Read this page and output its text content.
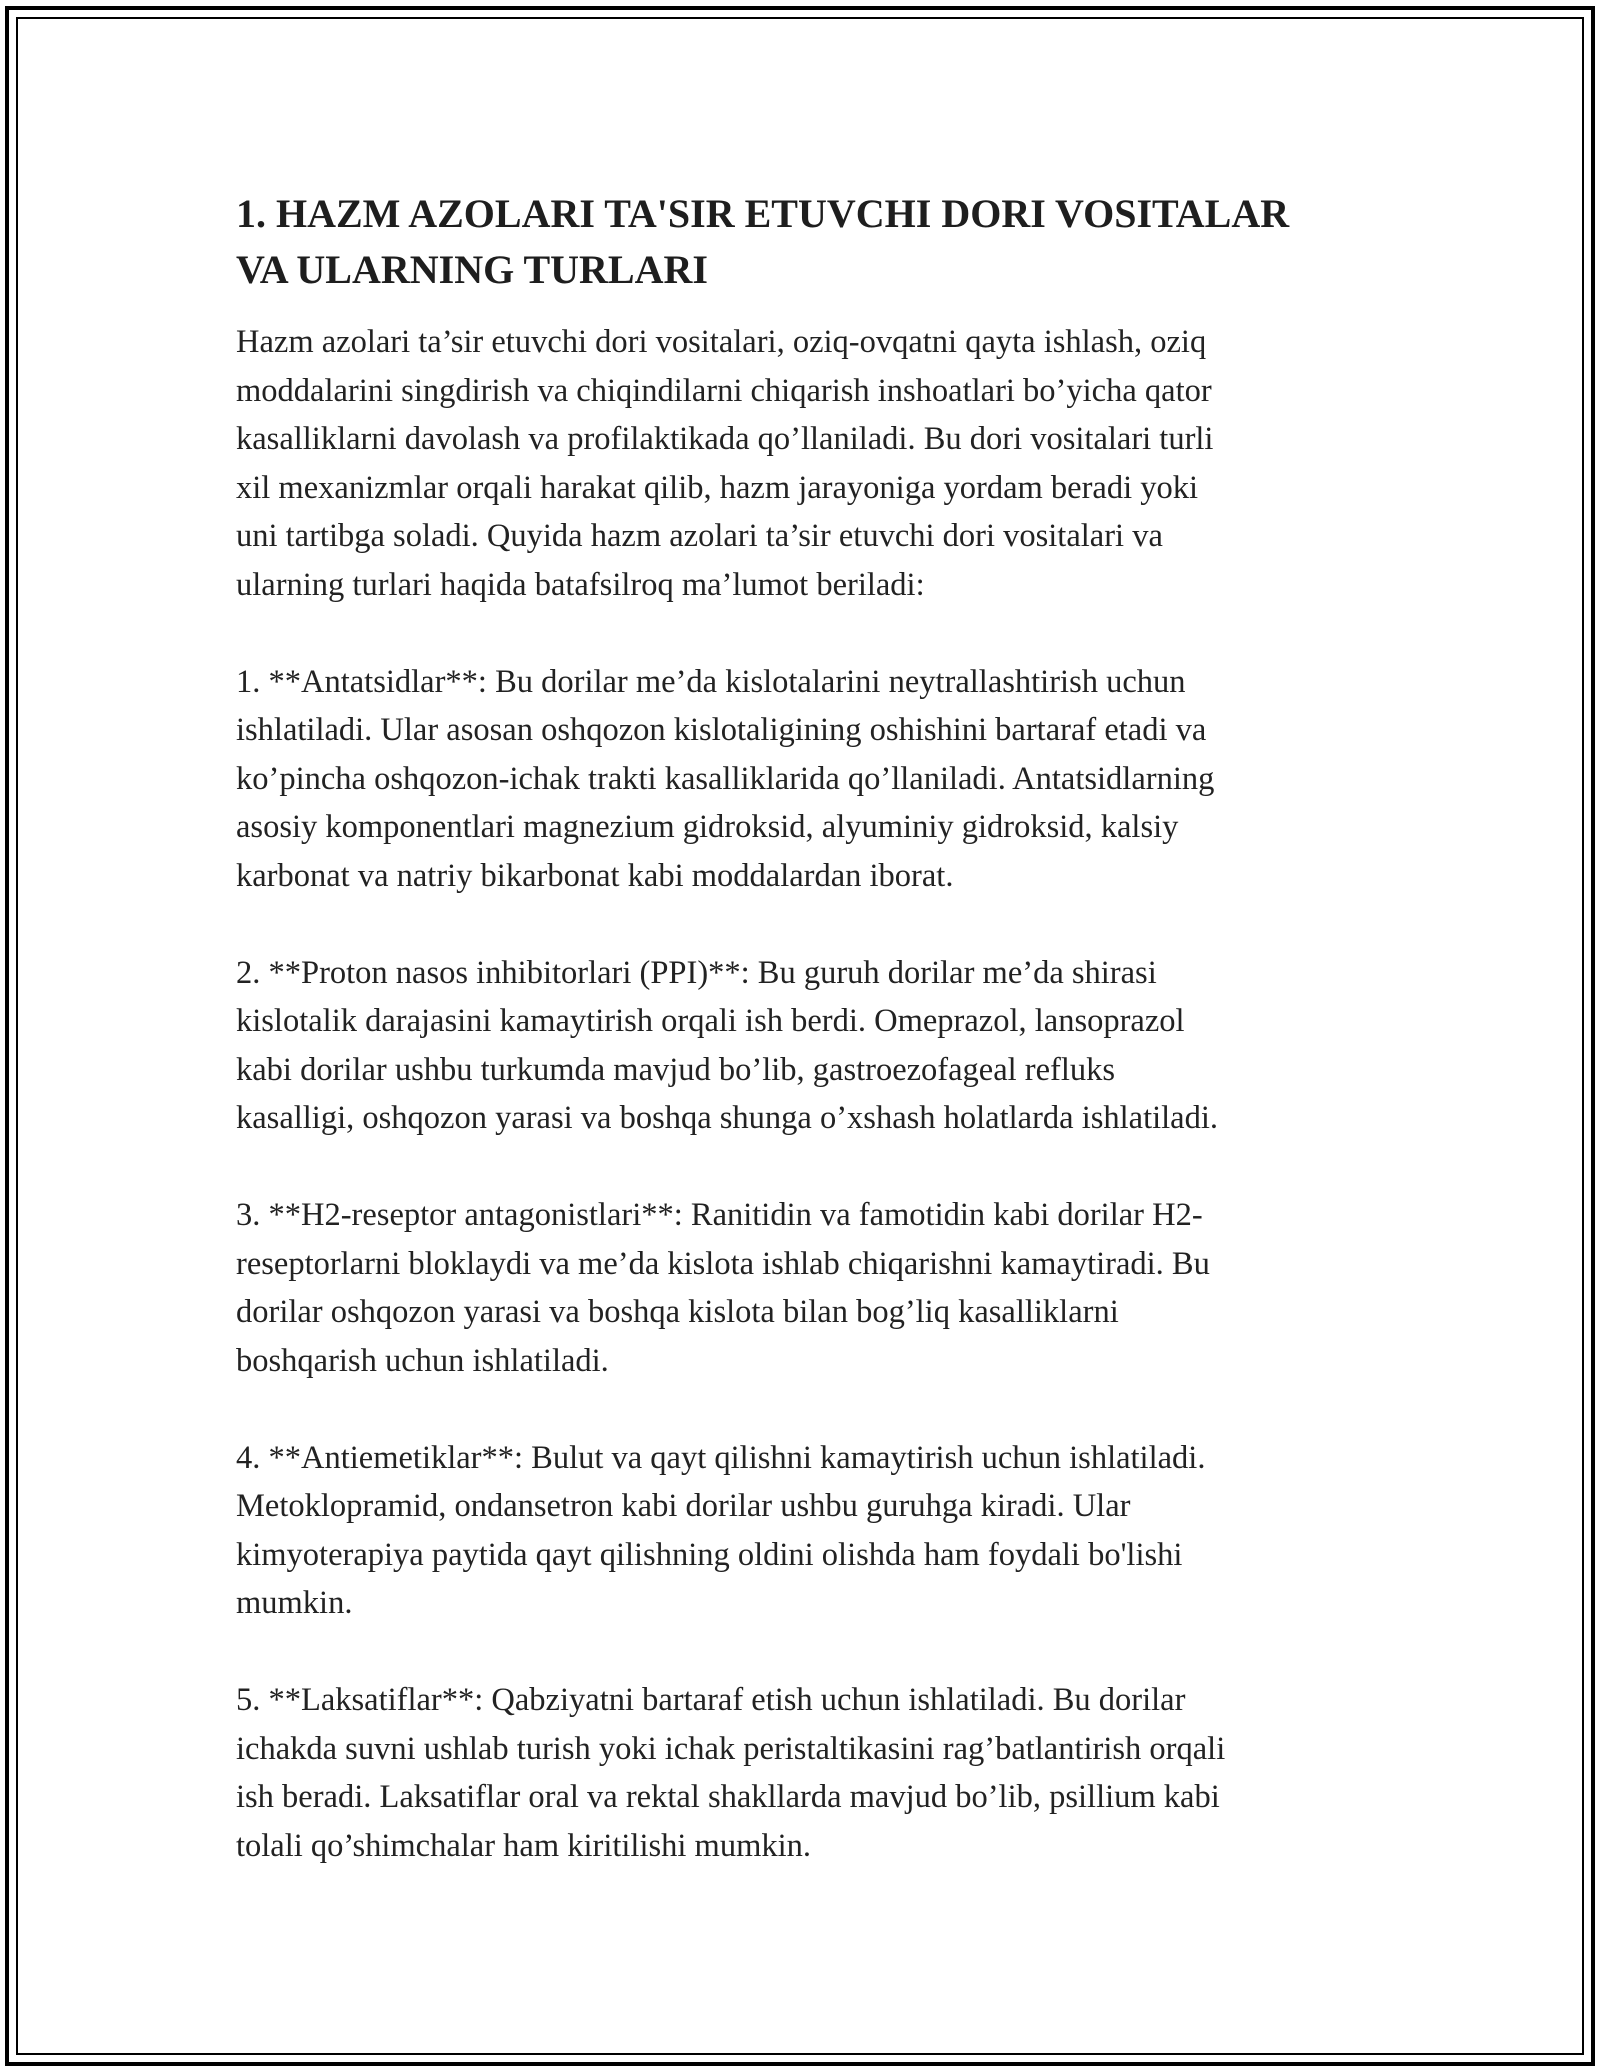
1. HAZM AZOLARI TA'SIR ETUVCHI DORI VOSITALAR
VA ULARNING TURLARI

Hazm azolari ta’sir etuvchi dori vositalari, oziq-ovqatni qayta ishlash, oziq
moddalarini singdirish va chiqindilarni chiqarish inshoatlari bo’yicha qator
kasalliklarni davolash va profilaktikada qo’llaniladi. Bu dori vositalari turli
xil mexanizmlar orqali harakat qilib, hazm jarayoniga yordam beradi yoki
uni tartibga soladi. Quyida hazm azolari ta’sir etuvchi dori vositalari va
ularning turlari haqida batafsilroq ma’lumot beriladi:

1. **Antatsidlar**: Bu dorilar me’da kislotalarini neytrallashtirish uchun
ishlatiladi. Ular asosan oshqozon kislotaligining oshishini bartaraf etadi va
ko’pincha oshqozon-ichak trakti kasalliklarida qo’llaniladi. Antatsidlarning
asosiy komponentlari magnezium gidroksid, alyuminiy gidroksid, kalsiy
karbonat va natriy bikarbonat kabi moddalardan iborat.

2. **Proton nasos inhibitorlari (PPI)**: Bu guruh dorilar me’da shirasi
kislotalik darajasini kamaytirish orqali ish berdi. Omeprazol, lansoprazol
kabi dorilar ushbu turkumda mavjud bo’lib, gastroezofageal refluks
kasalligi, oshqozon yarasi va boshqa shunga o’xshash holatlarda ishlatiladi.

3. **H2-reseptor antagonistlari**: Ranitidin va famotidin kabi dorilar H2-
reseptorlarni bloklaydi va me’da kislota ishlab chiqarishni kamaytiradi. Bu
dorilar oshqozon yarasi va boshqa kislota bilan bog’liq kasalliklarni
boshqarish uchun ishlatiladi.

4. **Antiemetiklar**: Bulut va qayt qilishni kamaytirish uchun ishlatiladi.
Metoklopramid, ondansetron kabi dorilar ushbu guruhga kiradi. Ular
kimyoterapiya paytida qayt qilishning oldini olishda ham foydali bo'lishi
mumkin.

5. **Laksatiflar**: Qabziyatni bartaraf etish uchun ishlatiladi. Bu dorilar
ichakda suvni ushlab turish yoki ichak peristaltikasini rag’batlantirish orqali
ish beradi. Laksatiflar oral va rektal shakllarda mavjud bo’lib, psillium kabi
tolali qo’shimchalar ham kiritilishi mumkin.
